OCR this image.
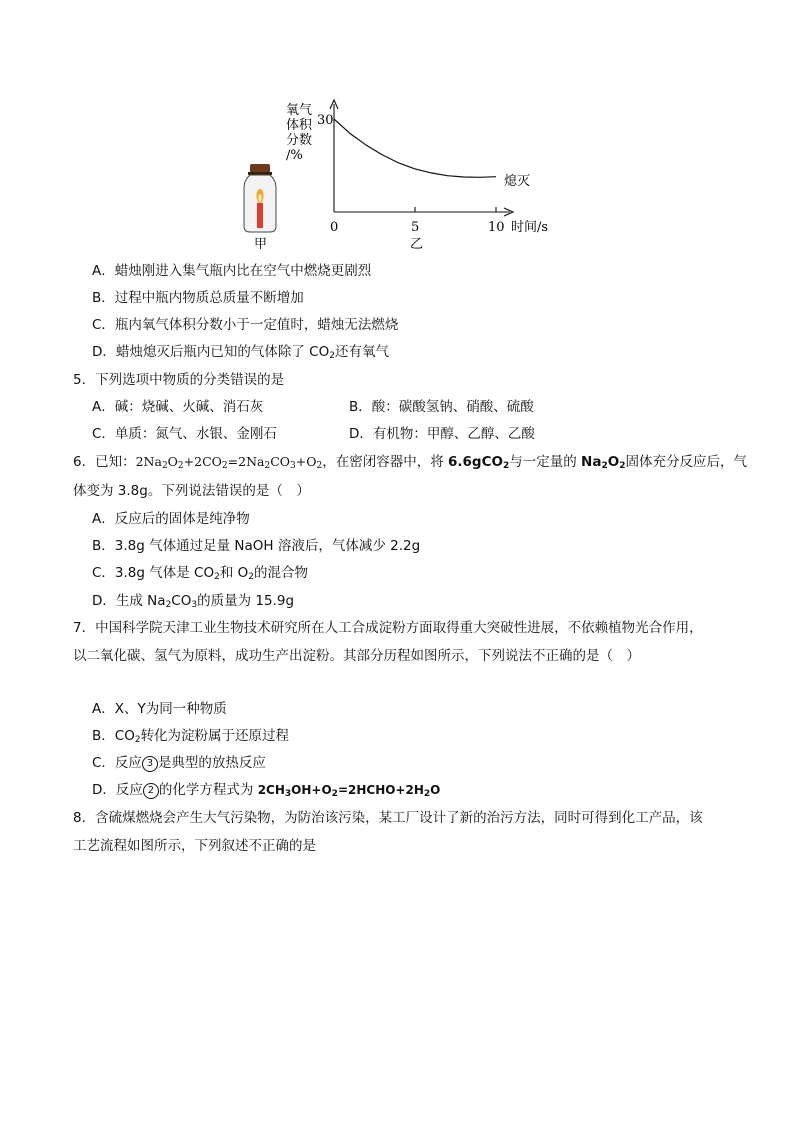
氧气
体积
分数
/%
30
0	5	10 时间/s
熄灭
甲	乙
A．蜡烛刚进入集气瓶内比在空气中燃烧更剧烈
B．过程中瓶内物质总质量不断增加
C．瓶内氧气体积分数小于一定值时，蜡烛无法燃烧
D．蜡烛熄灭后瓶内已知的气体除了 $CO_2$还有氧气
5．下列选项中物质的分类错误的是
A．碱：烧碱、火碱、消石灰	B．酸：碳酸氢钠、硝酸、硫酸
C．单质：氮气、水银、金刚石	D．有机物：甲醇、乙醇、乙酸
6．已知：$2Na_2O_2+2CO_2=2Na_2CO_3+O_2$，在密闭容器中，将 6.6gCO$_2$与一定量的 $Na_2O_2$固体充分反应后，气
体变为 3.8g。下列说法错误的是（　）
A．反应后的固体是纯净物
B．3.8g 气体通过足量 NaOH 溶液后，气体减少 2.2g
C．3.8g 气体是 $CO_2$和 $O_2$的混合物
D．生成 $Na_2CO_3$的质量为 15.9g
7．中国科学院天津工业生物技术研究所在人工合成淀粉方面取得重大突破性进展，不依赖植物光合作用，
以二氧化碳、氢气为原料，成功生产出淀粉。其部分历程如图所示，下列说法不正确的是（　）
A．X、Y为同一种物质
B．$CO_2$转化为淀粉属于还原过程
C．反应 3 是典型的放热反应
D．反应 2 的化学方程式为 $2CH_3OH+O_2=2HCHO+2H_2O$
8．含硫煤燃烧会产生大气污染物，为防治该污染，某工厂设计了新的治污方法，同时可得到化工产品，该
工艺流程如图所示，下列叙述不正确的是
